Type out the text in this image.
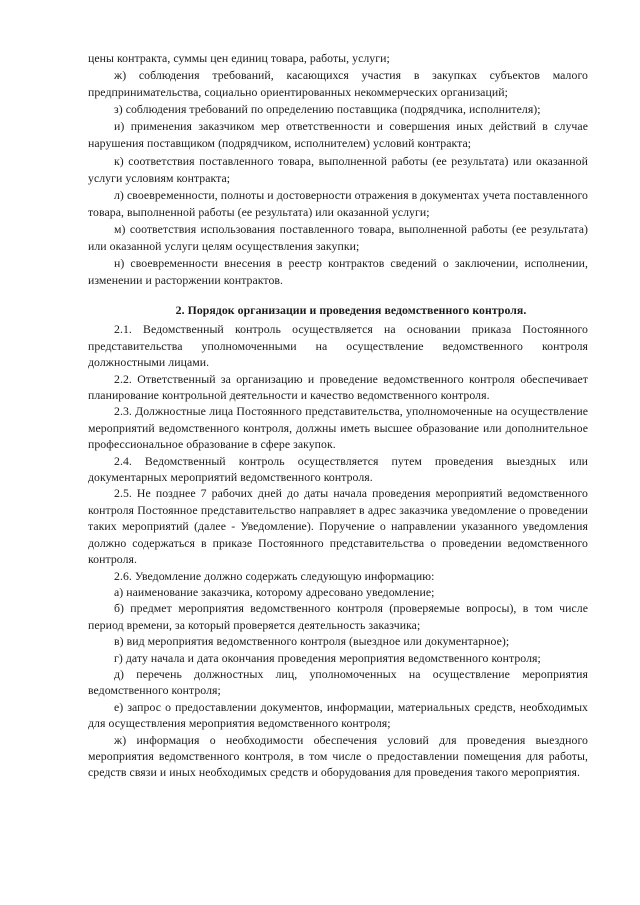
цены контракта, суммы цен единиц товара, работы, услуги;

ж) соблюдения требований, касающихся участия в закупках субъектов малого предпринимательства, социально ориентированных некоммерческих организаций;

з) соблюдения требований по определению поставщика (подрядчика, исполнителя);

и) применения заказчиком мер ответственности и совершения иных действий в случае нарушения поставщиком (подрядчиком, исполнителем) условий контракта;

к) соответствия поставленного товара, выполненной работы (ее результата) или оказанной услуги условиям контракта;

л) своевременности, полноты и достоверности отражения в документах учета поставленного товара, выполненной работы (ее результата) или оказанной услуги;

м) соответствия использования поставленного товара, выполненной работы (ее результата) или оказанной услуги целям осуществления закупки;

н) своевременности внесения в реестр контрактов сведений о заключении, исполнении, изменении и расторжении контрактов.

2. Порядок организации и проведения ведомственного контроля.

2.1. Ведомственный контроль осуществляется на основании приказа Постоянного представительства уполномоченными на осуществление ведомственного контроля должностными лицами.

2.2. Ответственный за организацию и проведение ведомственного контроля обеспечивает планирование контрольной деятельности и качество ведомственного контроля.

2.3. Должностные лица Постоянного представительства, уполномоченные на осуществление мероприятий ведомственного контроля, должны иметь высшее образование или дополнительное профессиональное образование в сфере закупок.

2.4. Ведомственный контроль осуществляется путем проведения выездных или документарных мероприятий ведомственного контроля.

2.5. Не позднее 7 рабочих дней до даты начала проведения мероприятий ведомственного контроля Постоянное представительство направляет в адрес заказчика уведомление о проведении таких мероприятий (далее - Уведомление). Поручение о направлении указанного уведомления должно содержаться в приказе Постоянного представительства о проведении ведомственного контроля.

2.6. Уведомление должно содержать следующую информацию:

а) наименование заказчика, которому адресовано уведомление;

б) предмет мероприятия ведомственного контроля (проверяемые вопросы), в том числе период времени, за который проверяется деятельность заказчика;

в) вид мероприятия ведомственного контроля (выездное или документарное);

г) дату начала и дата окончания проведения мероприятия ведомственного контроля;

д) перечень должностных лиц, уполномоченных на осуществление мероприятия ведомственного контроля;

е) запрос о предоставлении документов, информации, материальных средств, необходимых для осуществления мероприятия ведомственного контроля;

ж) информация о необходимости обеспечения условий для проведения выездного мероприятия ведомственного контроля, в том числе о предоставлении помещения для работы, средств связи и иных необходимых средств и оборудования для проведения такого мероприятия.
